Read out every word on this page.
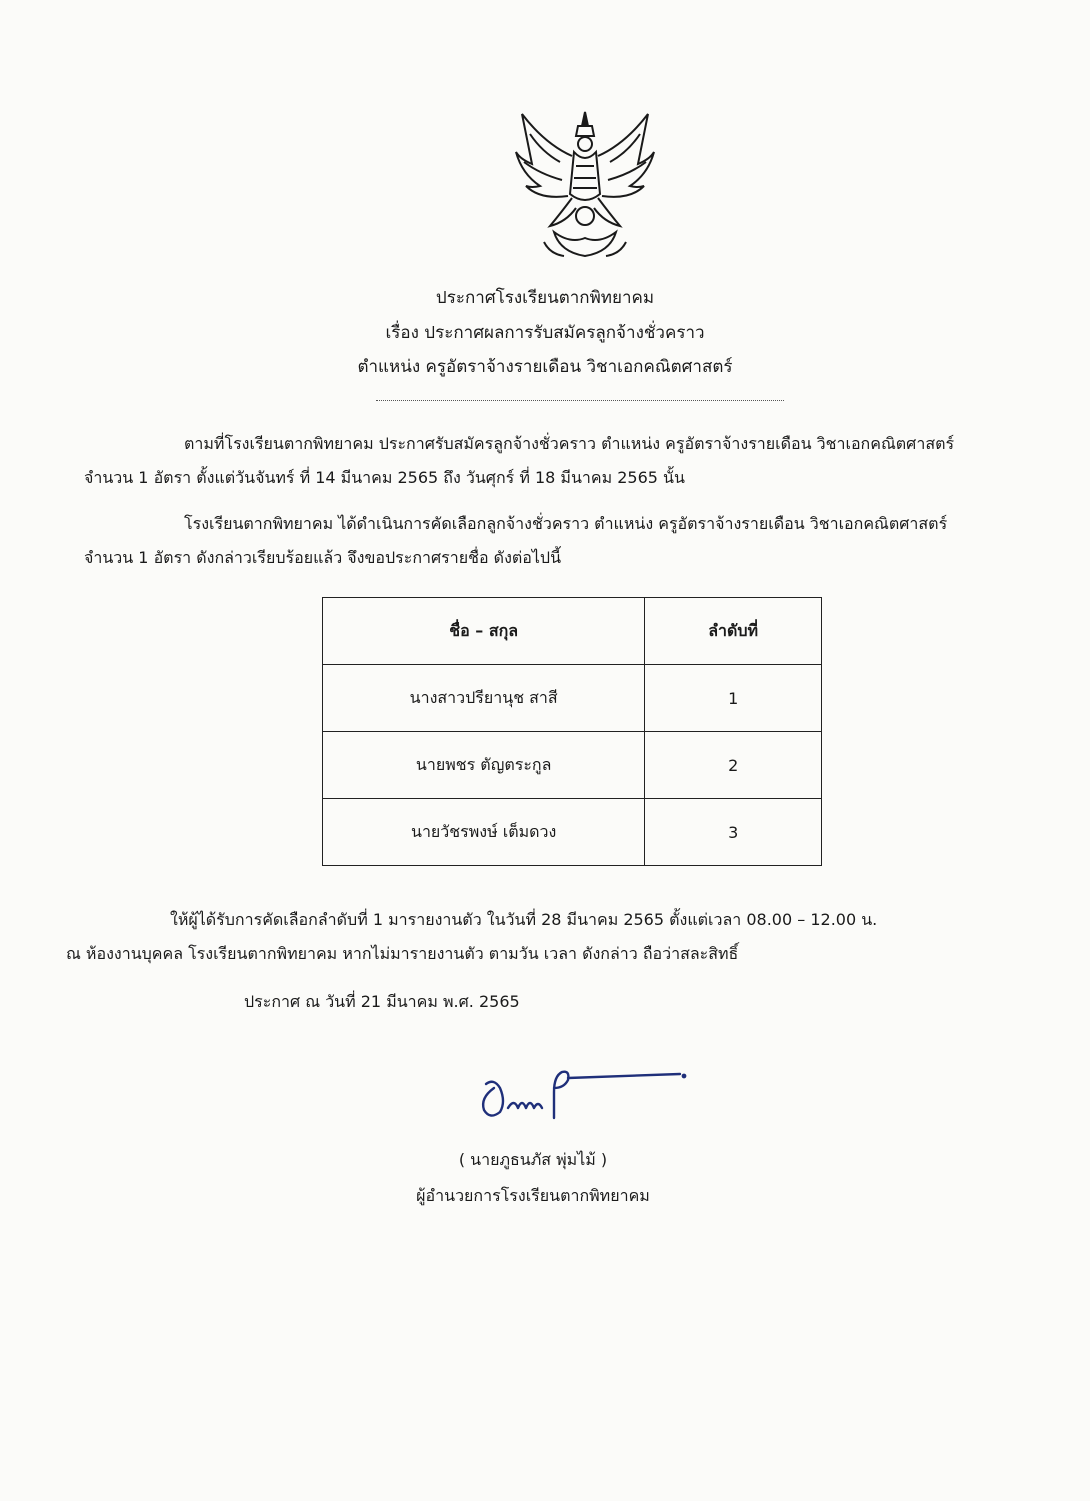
ประกาศโรงเรียนตากพิทยาคม
เรื่อง ประกาศผลการรับสมัครลูกจ้างชั่วคราว
ตำแหน่ง ครูอัตราจ้างรายเดือน วิชาเอกคณิตศาสตร์
ตามที่โรงเรียนตากพิทยาคม ประกาศรับสมัครลูกจ้างชั่วคราว ตำแหน่ง ครูอัตราจ้างรายเดือน วิชาเอกคณิตศาสตร์
จำนวน 1 อัตรา ตั้งแต่วันจันทร์ ที่ 14 มีนาคม 2565 ถึง วันศุกร์ ที่ 18 มีนาคม 2565 นั้น
โรงเรียนตากพิทยาคม ได้ดำเนินการคัดเลือกลูกจ้างชั่วคราว ตำแหน่ง ครูอัตราจ้างรายเดือน วิชาเอกคณิตศาสตร์
จำนวน 1 อัตรา ดังกล่าวเรียบร้อยแล้ว จึงขอประกาศรายชื่อ ดังต่อไปนี้
ชื่อ – สกุล	ลำดับที่
นางสาวปรียานุช สาสี	1
นายพชร ตัญตระกูล	2
นายวัชรพงษ์ เต็มดวง	3
ให้ผู้ได้รับการคัดเลือกลำดับที่ 1 มารายงานตัว ในวันที่ 28 มีนาคม 2565 ตั้งแต่เวลา 08.00 – 12.00 น.
ณ ห้องงานบุคคล โรงเรียนตากพิทยาคม หากไม่มารายงานตัว ตามวัน เวลา ดังกล่าว ถือว่าสละสิทธิ์
ประกาศ ณ วันที่ 21 มีนาคม พ.ศ. 2565
( นายภูธนภัส พุ่มไม้ )
ผู้อำนวยการโรงเรียนตากพิทยาคม
